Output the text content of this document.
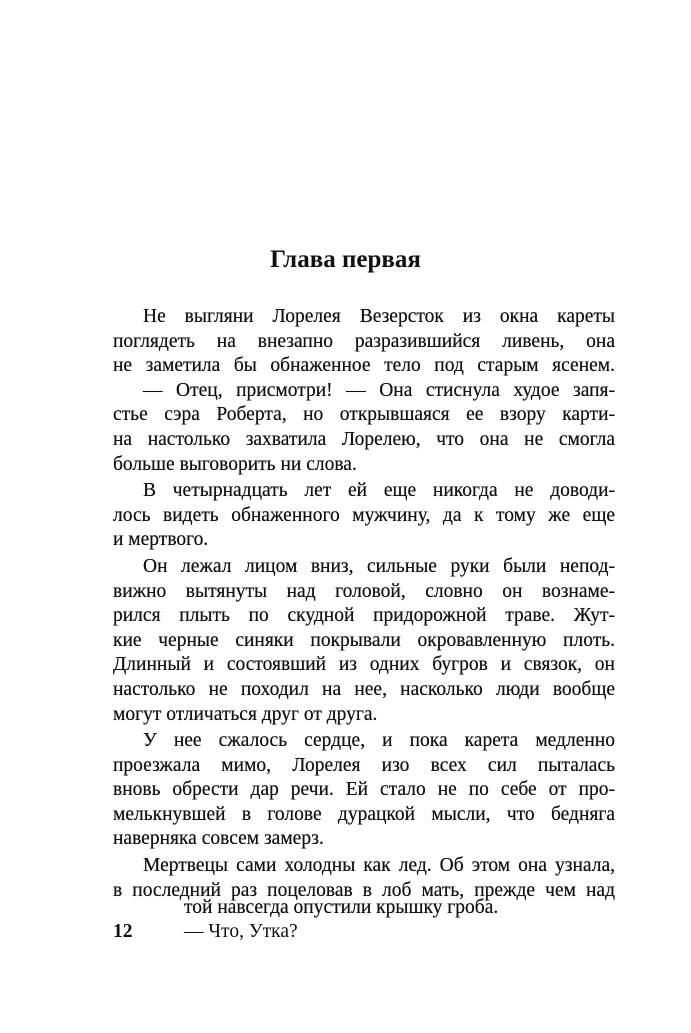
Глава первая
Не выгляни Лорелея Везерсток из окна кареты
поглядеть на внезапно разразившийся ливень, она
не заметила бы обнаженное тело под старым ясенем.
— Отец, присмотри! — Она стиснула худое запя-
стье сэра Роберта, но открывшаяся ее взору карти-
на настолько захватила Лорелею, что она не смогла
больше выговорить ни слова.
В четырнадцать лет ей еще никогда не доводи-
лось видеть обнаженного мужчину, да к тому же еще
и мертвого.
Он лежал лицом вниз, сильные руки были непод-
вижно вытянуты над головой, словно он вознаме-
рился плыть по скудной придорожной траве. Жут-
кие черные синяки покрывали окровавленную плоть.
Длинный и состоявший из одних бугров и связок, он
настолько не походил на нее, насколько люди вообще
могут отличаться друг от друга.
У нее сжалось сердце, и пока карета медленно
проезжала мимо, Лорелея изо всех сил пыталась
вновь обрести дар речи. Ей стало не по себе от про-
мелькнувшей в голове дурацкой мысли, что бедняга
наверняка совсем замерз.
Мертвецы сами холодны как лед. Об этом она узнала,
в последний раз поцеловав в лоб мать, прежде чем над
той навсегда опустили крышку гроба.
12	— Что, Утка?
